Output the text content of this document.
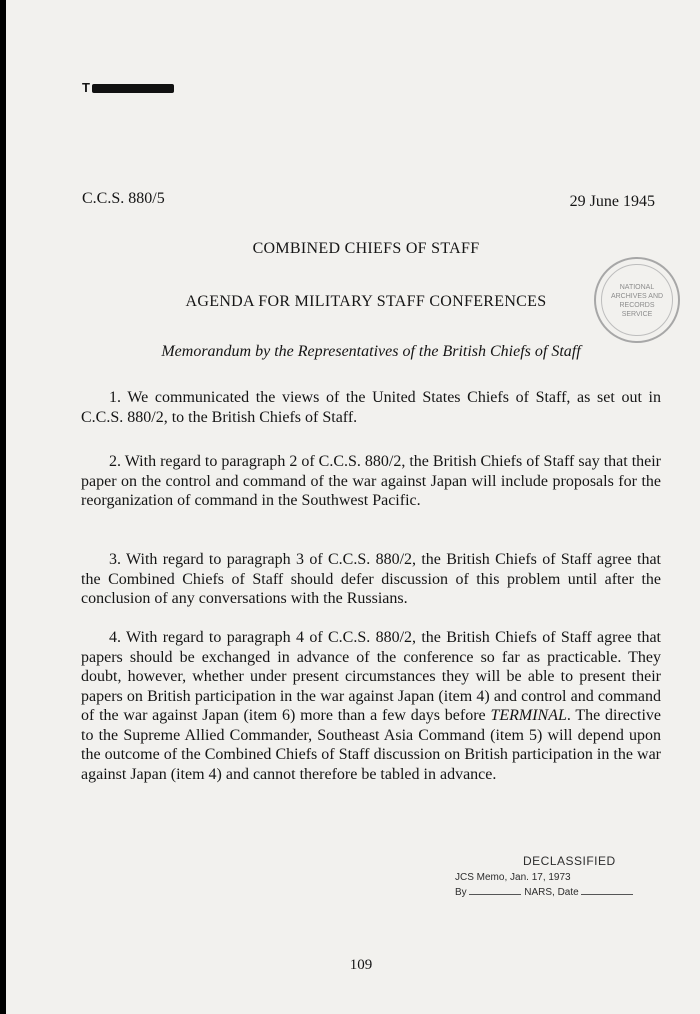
T
C.C.S. 880/5	29 June 1945
COMBINED CHIEFS OF STAFF
AGENDA FOR MILITARY STAFF CONFERENCES
Memorandum by the Representatives of the British Chiefs of Staff
NATIONAL
ARCHIVES AND
RECORDS
SERVICE

1. We communicated the views of the United States Chiefs of Staff, as set out in C.C.S. 880/2, to the British Chiefs of Staff.

2. With regard to paragraph 2 of C.C.S. 880/2, the British Chiefs of Staff say that their paper on the control and command of the war against Japan will include proposals for the reorganization of command in the Southwest Pacific.

3. With regard to paragraph 3 of C.C.S. 880/2, the British Chiefs of Staff agree that the Combined Chiefs of Staff should defer discussion of this problem until after the conclusion of any conversations with the Russians.

4. With regard to paragraph 4 of C.C.S. 880/2, the British Chiefs of Staff agree that papers should be exchanged in advance of the conference so far as practicable. They doubt, however, whether under present circumstances they will be able to present their papers on British participation in the war against Japan (item 4) and control and command of the war against Japan (item 6) more than a few days before TERMINAL. The directive to the Supreme Allied Commander, Southeast Asia Command (item 5) will depend upon the outcome of the Combined Chiefs of Staff discussion on British participation in the war against Japan (item 4) and cannot therefore be tabled in advance.

DECLASSIFIED
JCS Memo, Jan. 17, 1973
By	NARS, Date
109
